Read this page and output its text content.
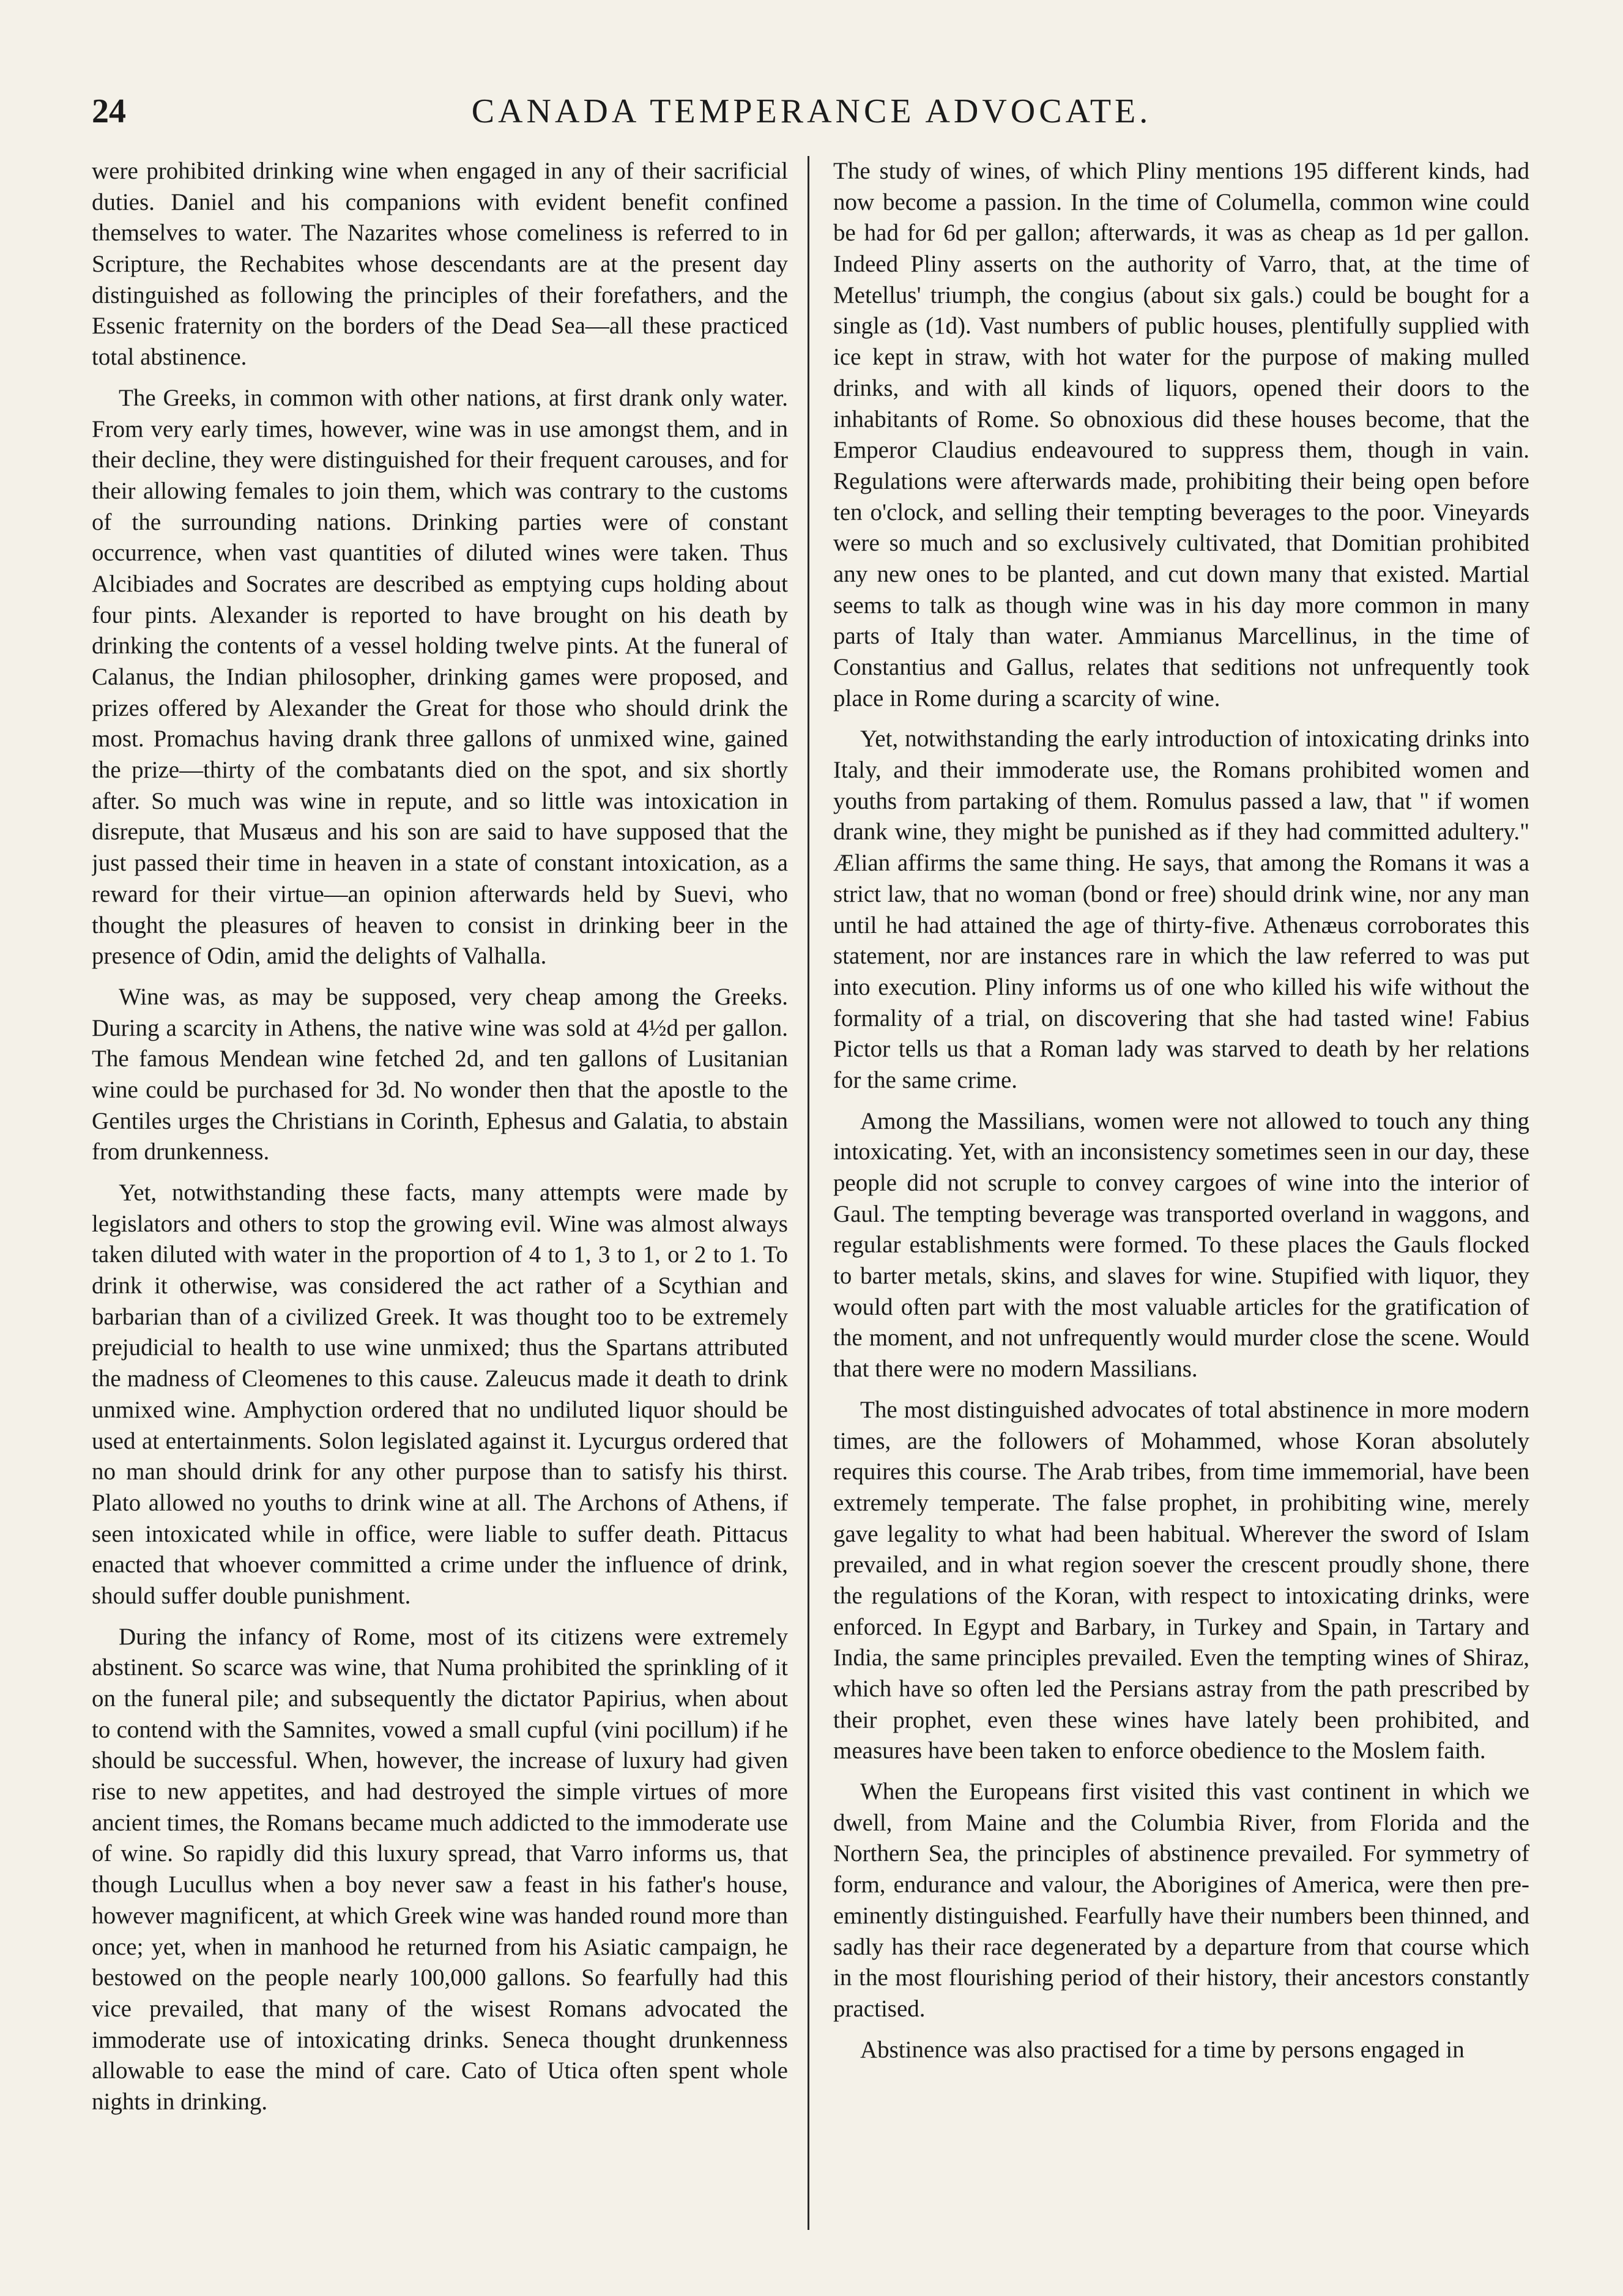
24	CANADA TEMPERANCE ADVOCATE.

were prohibited drinking wine when engaged in any of their sacrificial duties. Daniel and his companions with evident benefit confined themselves to water. The Nazarites whose comeliness is referred to in Scripture, the Rechabites whose descendants are at the present day distinguished as following the principles of their forefathers, and the Essenic fraternity on the borders of the Dead Sea—all these practiced total abstinence.

The Greeks, in common with other nations, at first drank only water. From very early times, however, wine was in use amongst them, and in their decline, they were distinguished for their frequent carouses, and for their allowing females to join them, which was contrary to the customs of the surrounding nations. Drinking parties were of constant occurrence, when vast quantities of diluted wines were taken. Thus Alcibiades and Socrates are described as emptying cups holding about four pints. Alexander is reported to have brought on his death by drinking the contents of a vessel holding twelve pints. At the funeral of Calanus, the Indian philosopher, drinking games were proposed, and prizes offered by Alexander the Great for those who should drink the most. Promachus having drank three gallons of unmixed wine, gained the prize—thirty of the combatants died on the spot, and six shortly after. So much was wine in repute, and so little was intoxication in disrepute, that Musæus and his son are said to have supposed that the just passed their time in heaven in a state of constant intoxication, as a reward for their virtue—an opinion afterwards held by Suevi, who thought the pleasures of heaven to consist in drinking beer in the presence of Odin, amid the delights of Valhalla.

Wine was, as may be supposed, very cheap among the Greeks. During a scarcity in Athens, the native wine was sold at 4½d per gallon. The famous Mendean wine fetched 2d, and ten gallons of Lusitanian wine could be purchased for 3d. No wonder then that the apostle to the Gentiles urges the Christians in Corinth, Ephesus and Galatia, to abstain from drunkenness.

Yet, notwithstanding these facts, many attempts were made by legislators and others to stop the growing evil. Wine was almost always taken diluted with water in the proportion of 4 to 1, 3 to 1, or 2 to 1. To drink it otherwise, was considered the act rather of a Scythian and barbarian than of a civilized Greek. It was thought too to be extremely prejudicial to health to use wine unmixed; thus the Spartans attributed the madness of Cleomenes to this cause. Zaleucus made it death to drink unmixed wine. Amphyction ordered that no undiluted liquor should be used at entertainments. Solon legislated against it. Lycurgus ordered that no man should drink for any other purpose than to satisfy his thirst. Plato allowed no youths to drink wine at all. The Archons of Athens, if seen intoxicated while in office, were liable to suffer death. Pittacus enacted that whoever committed a crime under the influence of drink, should suffer double punishment.

During the infancy of Rome, most of its citizens were extremely abstinent. So scarce was wine, that Numa prohibited the sprinkling of it on the funeral pile; and subsequently the dictator Papirius, when about to contend with the Samnites, vowed a small cupful (vini pocillum) if he should be successful. When, however, the increase of luxury had given rise to new appetites, and had destroyed the simple virtues of more ancient times, the Romans became much addicted to the immoderate use of wine. So rapidly did this luxury spread, that Varro informs us, that though Lucullus when a boy never saw a feast in his father's house, however magnificent, at which Greek wine was handed round more than once; yet, when in manhood he returned from his Asiatic campaign, he bestowed on the people nearly 100,000 gallons. So fearfully had this vice prevailed, that many of the wisest Romans advocated the immoderate use of intoxicating drinks. Seneca thought drunkenness allowable to ease the mind of care. Cato of Utica often spent whole nights in drinking.

The study of wines, of which Pliny mentions 195 different kinds, had now become a passion. In the time of Columella, common wine could be had for 6d per gallon; afterwards, it was as cheap as 1d per gallon. Indeed Pliny asserts on the authority of Varro, that, at the time of Metellus' triumph, the congius (about six gals.) could be bought for a single as (1d). Vast numbers of public houses, plentifully supplied with ice kept in straw, with hot water for the purpose of making mulled drinks, and with all kinds of liquors, opened their doors to the inhabitants of Rome. So obnoxious did these houses become, that the Emperor Claudius endeavoured to suppress them, though in vain. Regulations were afterwards made, prohibiting their being open before ten o'clock, and selling their tempting beverages to the poor. Vineyards were so much and so exclusively cultivated, that Domitian prohibited any new ones to be planted, and cut down many that existed. Martial seems to talk as though wine was in his day more common in many parts of Italy than water. Ammianus Marcellinus, in the time of Constantius and Gallus, relates that seditions not unfrequently took place in Rome during a scarcity of wine.

Yet, notwithstanding the early introduction of intoxicating drinks into Italy, and their immoderate use, the Romans prohibited women and youths from partaking of them. Romulus passed a law, that " if women drank wine, they might be punished as if they had committed adultery." Ælian affirms the same thing. He says, that among the Romans it was a strict law, that no woman (bond or free) should drink wine, nor any man until he had attained the age of thirty-five. Athenæus corroborates this statement, nor are instances rare in which the law referred to was put into execution. Pliny informs us of one who killed his wife without the formality of a trial, on discovering that she had tasted wine! Fabius Pictor tells us that a Roman lady was starved to death by her relations for the same crime.

Among the Massilians, women were not allowed to touch any thing intoxicating. Yet, with an inconsistency sometimes seen in our day, these people did not scruple to convey cargoes of wine into the interior of Gaul. The tempting beverage was transported overland in waggons, and regular establishments were formed. To these places the Gauls flocked to barter metals, skins, and slaves for wine. Stupified with liquor, they would often part with the most valuable articles for the gratification of the moment, and not unfrequently would murder close the scene. Would that there were no modern Massilians.

The most distinguished advocates of total abstinence in more modern times, are the followers of Mohammed, whose Koran absolutely requires this course. The Arab tribes, from time immemorial, have been extremely temperate. The false prophet, in prohibiting wine, merely gave legality to what had been habitual. Wherever the sword of Islam prevailed, and in what region soever the crescent proudly shone, there the regulations of the Koran, with respect to intoxicating drinks, were enforced. In Egypt and Barbary, in Turkey and Spain, in Tartary and India, the same principles prevailed. Even the tempting wines of Shiraz, which have so often led the Persians astray from the path prescribed by their prophet, even these wines have lately been prohibited, and measures have been taken to enforce obedience to the Moslem faith.

When the Europeans first visited this vast continent in which we dwell, from Maine and the Columbia River, from Florida and the Northern Sea, the principles of abstinence prevailed. For symmetry of form, endurance and valour, the Aborigines of America, were then pre-eminently distinguished. Fearfully have their numbers been thinned, and sadly has their race degenerated by a departure from that course which in the most flourishing period of their history, their ancestors constantly practised.

Abstinence was also practised for a time by persons engaged in
